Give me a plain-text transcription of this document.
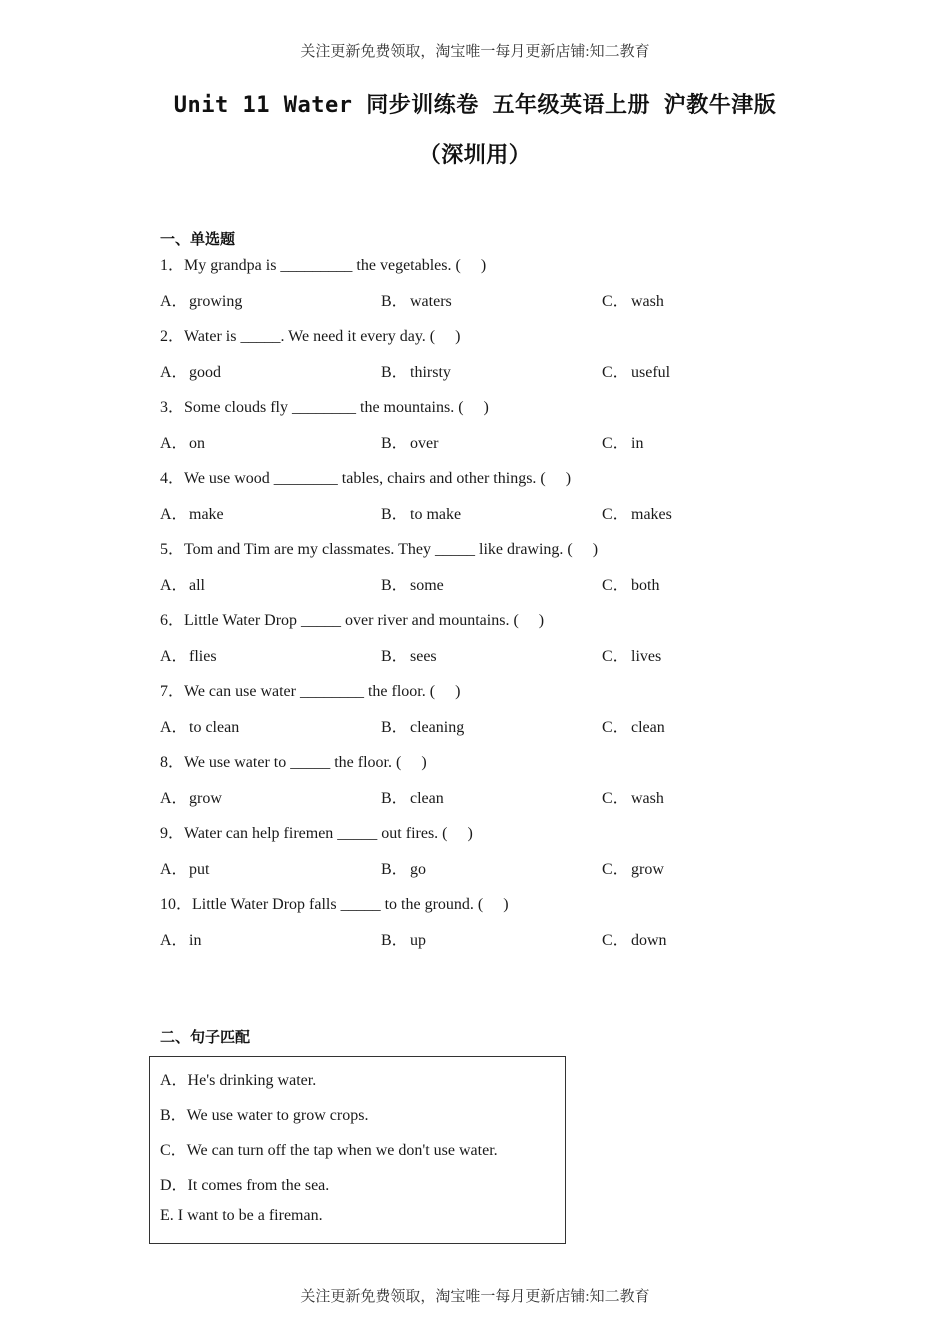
关注更新免费领取，淘宝唯一每月更新店铺:知二教育
Unit 11 Water 同步训练卷 五年级英语上册 沪教牛津版
（深圳用）
一、单选题
1．My grandpa is _________ the vegetables. (　 )
A．growing	B． waters	C． wash
2．Water is _____. We need it every day. (　 )
A．good	B． thirsty	C． useful
3．Some clouds fly ________ the mountains. (　 )
A．on	B． over	C． in
4．We use wood ________ tables, chairs and other things. (　 )
A．make	B． to make	C． makes
5．Tom and Tim are my classmates. They _____ like drawing. (　 )
A．all	B． some	C． both
6．Little Water Drop _____ over river and mountains. (　 )
A．flies	B． sees	C． lives
7．We can use water ________ the floor. (　 )
A．to clean	B． cleaning	C． clean
8．We use water to _____ the floor. (　 )
A．grow	B． clean	C． wash
9．Water can help firemen _____ out fires. (　 )
A．put	B． go	C． grow
10．Little Water Drop falls _____ to the ground. (　 )
A．in	B． up	C． down
二、句子匹配
A．He's drinking water.
B．We use water to grow crops.
C．We can turn off the tap when we don't use water.
D．It comes from the sea.
E. I want to be a fireman.
关注更新免费领取，淘宝唯一每月更新店铺:知二教育
